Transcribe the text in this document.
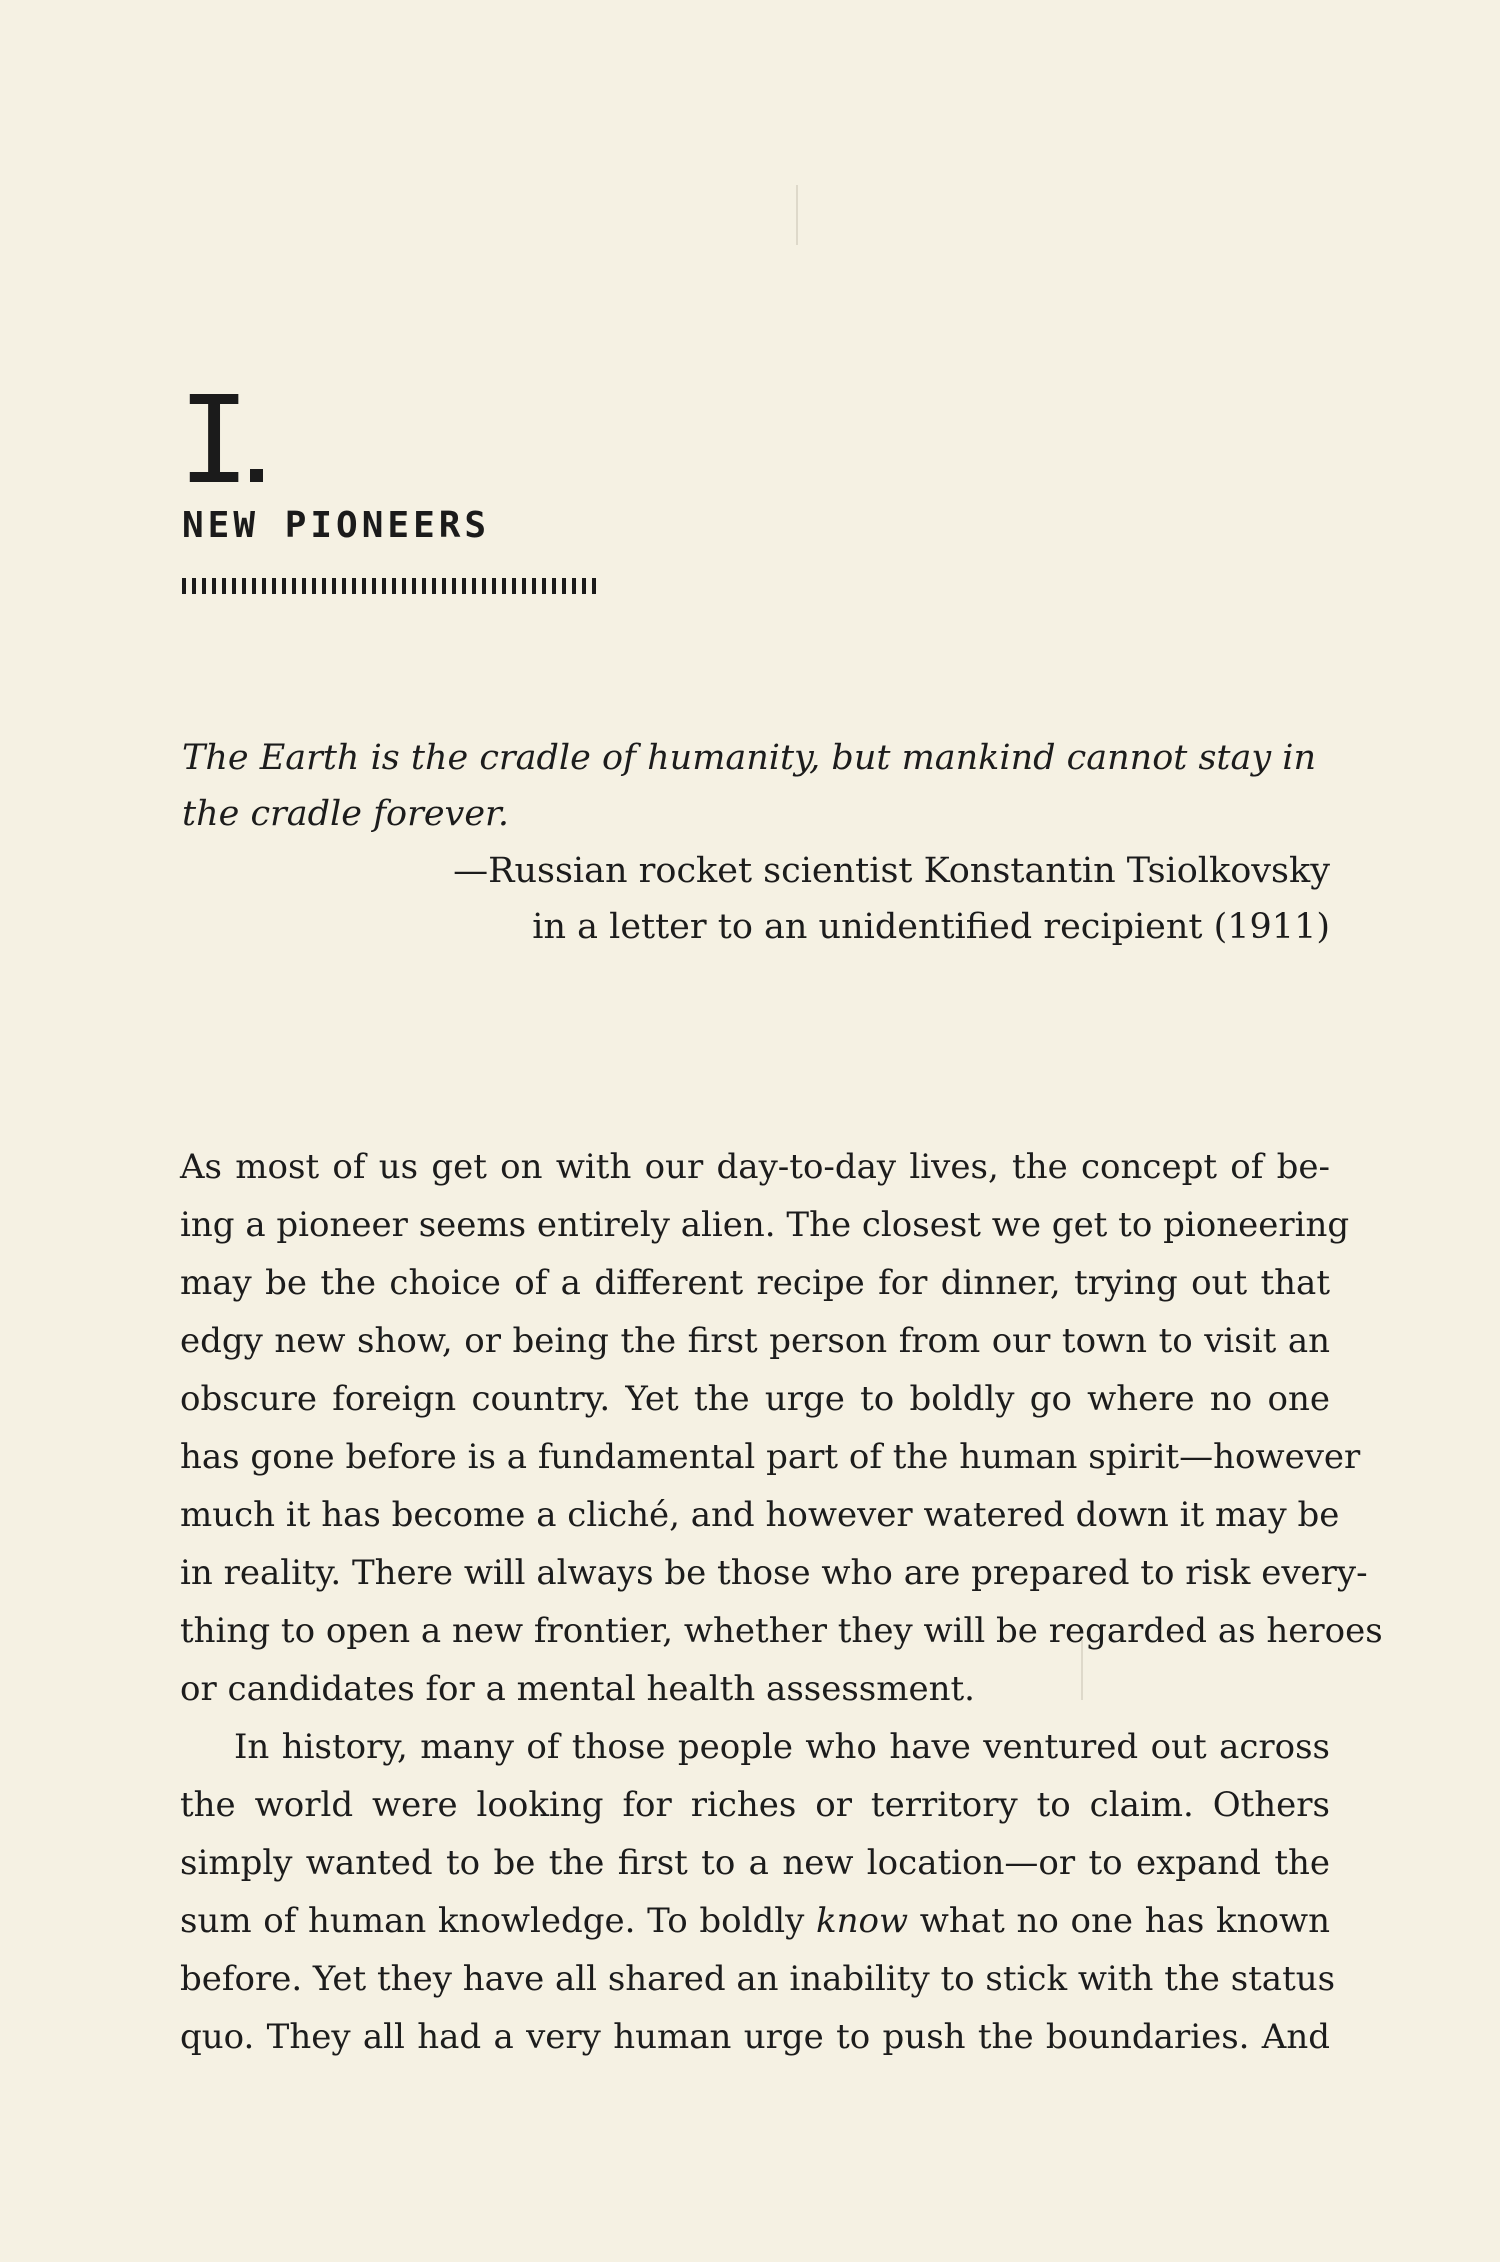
I
NEW PIONEERS
The Earth is the cradle of humanity, but mankind cannot stay in
the cradle forever.
—Russian rocket scientist Konstantin Tsiolkovsky
in a letter to an unidentified recipient (1911)
As most of us get on with our day-to-day lives, the concept of be-
ing a pioneer seems entirely alien. The closest we get to pioneering
may be the choice of a different recipe for dinner, trying out that
edgy new show, or being the first person from our town to visit an
obscure foreign country. Yet the urge to boldly go where no one
has gone before is a fundamental part of the human spirit—however
much it has become a cliché, and however watered down it may be
in reality. There will always be those who are prepared to risk every-
thing to open a new frontier, whether they will be regarded as heroes
or candidates for a mental health assessment.
In history, many of those people who have ventured out across
the world were looking for riches or territory to claim. Others
simply wanted to be the first to a new location—or to expand the
sum of human knowledge. To boldly know what no one has known
before. Yet they have all shared an inability to stick with the status
quo. They all had a very human urge to push the boundaries. And
